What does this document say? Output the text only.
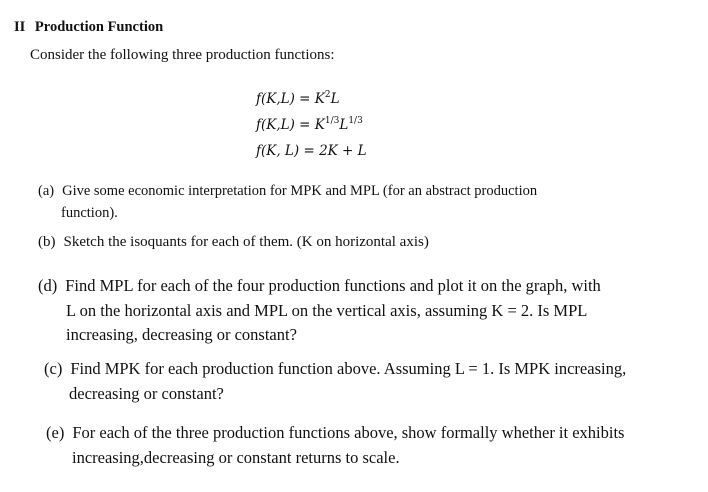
II Production Function
Consider the following three production functions:
$f(K,L) = K^2L$
$f(K,L) = K^{1/3}L^{1/3}$
f(K, L) = 2K + L
(a) Give some economic interpretation for MPK and MPL (for an abstract production
function).
(b) Sketch the isoquants for each of them. (K on horizontal axis)
(d) Find MPL for each of the four production functions and plot it on the graph, with
L on the horizontal axis and MPL on the vertical axis, assuming K = 2. Is MPL
increasing, decreasing or constant?
(c) Find MPK for each production function above. Assuming L = 1. Is MPK increasing,
decreasing or constant?
(e) For each of the three production functions above, show formally whether it exhibits
increasing,decreasing or constant returns to scale.
